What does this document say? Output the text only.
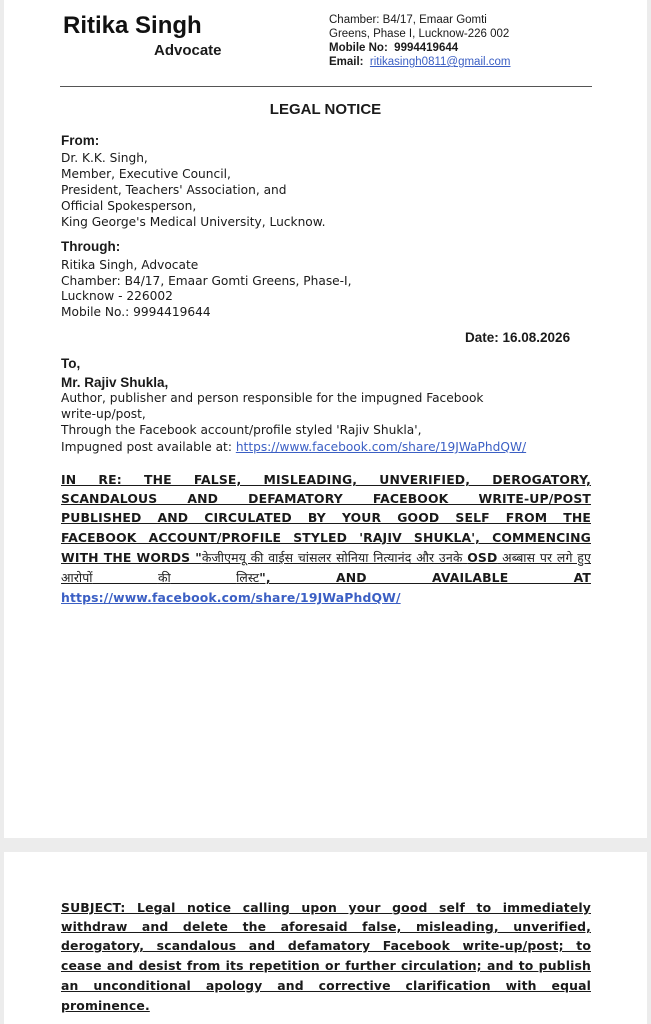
Ritika Singh
Advocate
Chamber: B4/17, Emaar Gomti
Greens, Phase I, Lucknow-226 002
Mobile No: 9994419644
Email: ritikasingh0811@gmail.com
LEGAL NOTICE
From:
Dr. K.K. Singh,
Member, Executive Council,
President, Teachers' Association, and
Official Spokesperson,
King George's Medical University, Lucknow.
Through:
Ritika Singh, Advocate
Chamber: B4/17, Emaar Gomti Greens, Phase-I,
Lucknow - 226002
Mobile No.: 9994419644
Date: 16.08.2026
To,
Mr. Rajiv Shukla,
Author, publisher and person responsible for the impugned Facebook
write-up/post,
Through the Facebook account/profile styled 'Rajiv Shukla',
Impugned post available at: https://www.facebook.com/share/19JWaPhdQW/
IN RE: THE FALSE, MISLEADING, UNVERIFIED, DEROGATORY,
SCANDALOUS AND DEFAMATORY FACEBOOK WRITE-UP/POST
PUBLISHED AND CIRCULATED BY YOUR GOOD SELF FROM THE
FACEBOOK ACCOUNT/PROFILE STYLED 'RAJIV SHUKLA', COMMENCING
WITH THE WORDS "केजीएमयू की वाईस चांसलर सोनिया नित्यानंद और उनके OSD अब्बास पर लगे हुए
आरोपों	की	लिस्ट", AND AVAILABLE AT
https://www.facebook.com/share/19JWaPhdQW/
SUBJECT: Legal notice calling upon your good self to immediately
withdraw and delete the aforesaid false, misleading, unverified,
derogatory, scandalous and defamatory Facebook write-up/post; to
cease and desist from its repetition or further circulation; and to publish
an unconditional apology and corrective clarification with equal
prominence.
